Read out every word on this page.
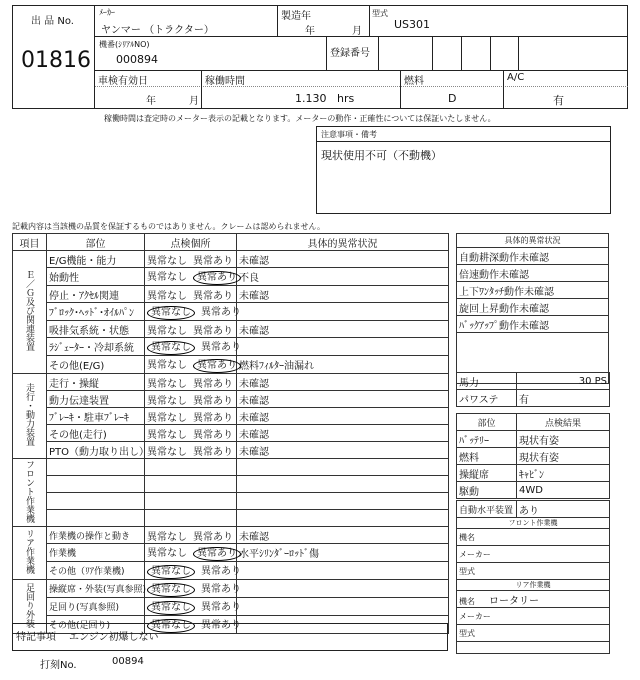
出 品 No.
01816
ﾒｰｶｰ
ヤンマー （トラクター）
製造年
年	月
型式
US301
機番(ｼﾘｱﾙNO)
000894	登録番号
車検有効日
年	月
稼働時間
1.130 hrs
燃料
D
A/C
有
稼働時間は査定時のメーター表示の記載となります。メーターの動作・正確性については保証いたしません。
注意事項・備考
現状使用不可（不動機）
記載内容は当該機の品質を保証するものではありません。クレームは認められません。
項目	部位	点検個所	具体的異常状況
Ｅ／Ｇ及び関連装置	E/G機能・能力	異常なし 異常あり	未確認
	始動性	異常なし 異常あり	不良
	停止・ｱｸｾﾙ関連	異常なし 異常あり	未確認
	ﾌﾞﾛｯｸ･ﾍｯﾄﾞ･ｵｲﾙﾊﾟﾝ	異常なし 異常あり	
	吸排気系統・状態	異常なし 異常あり	未確認
	ﾗｼﾞｪｰﾀｰ・冷却系統	異常なし 異常あり	
	その他(E/G)	異常なし 異常あり	燃料ﾌｨﾙﾀｰ油漏れ
走行・動力装置	走行・操縦	異常なし 異常あり	未確認
	動力伝達装置	異常なし 異常あり	未確認
	ﾌﾞﾚｰｷ・駐車ﾌﾞﾚｰｷ	異常なし 異常あり	未確認
	その他(走行)	異常なし 異常あり	未確認
	PTO（動力取り出し）	異常なし 異常あり	未確認
フロント作業機			

リア作業機	作業機の操作と動き	異常なし 異常あり	未確認
	作業機	異常なし 異常あり	水平ｼﾘﾝﾀﾞｰﾛｯﾄﾞ傷
	その他（ﾘｱ作業機)	異常なし 異常あり	
足回り外装	操縦席・外装(写真参照)	異常なし 異常あり	
	足回り(写真参照)	異常なし 異常あり	
	その他(足回り)	異常なし 異常あり	
特記事項 エンジン初爆しない
打刻No.	00894
具体的異常状況
自動耕深動作未確認
倍速動作未確認
上下ﾜﾝﾀｯﾁ動作未確認
旋回上昇動作未確認
ﾊﾞｯｸｱｯﾌﾟ動作未確認

馬力	30 PS
パワステ	有
部位	点検結果
ﾊﾞｯﾃﾘｰ	現状有姿
燃料	現状有姿
操縦席	ｷｬﾋﾞﾝ
駆動	4WD
自動水平装置	あり
フロント作業機
機名
メーカー
型式
リア作業機
機名 ロータリー
メーカー
型式
